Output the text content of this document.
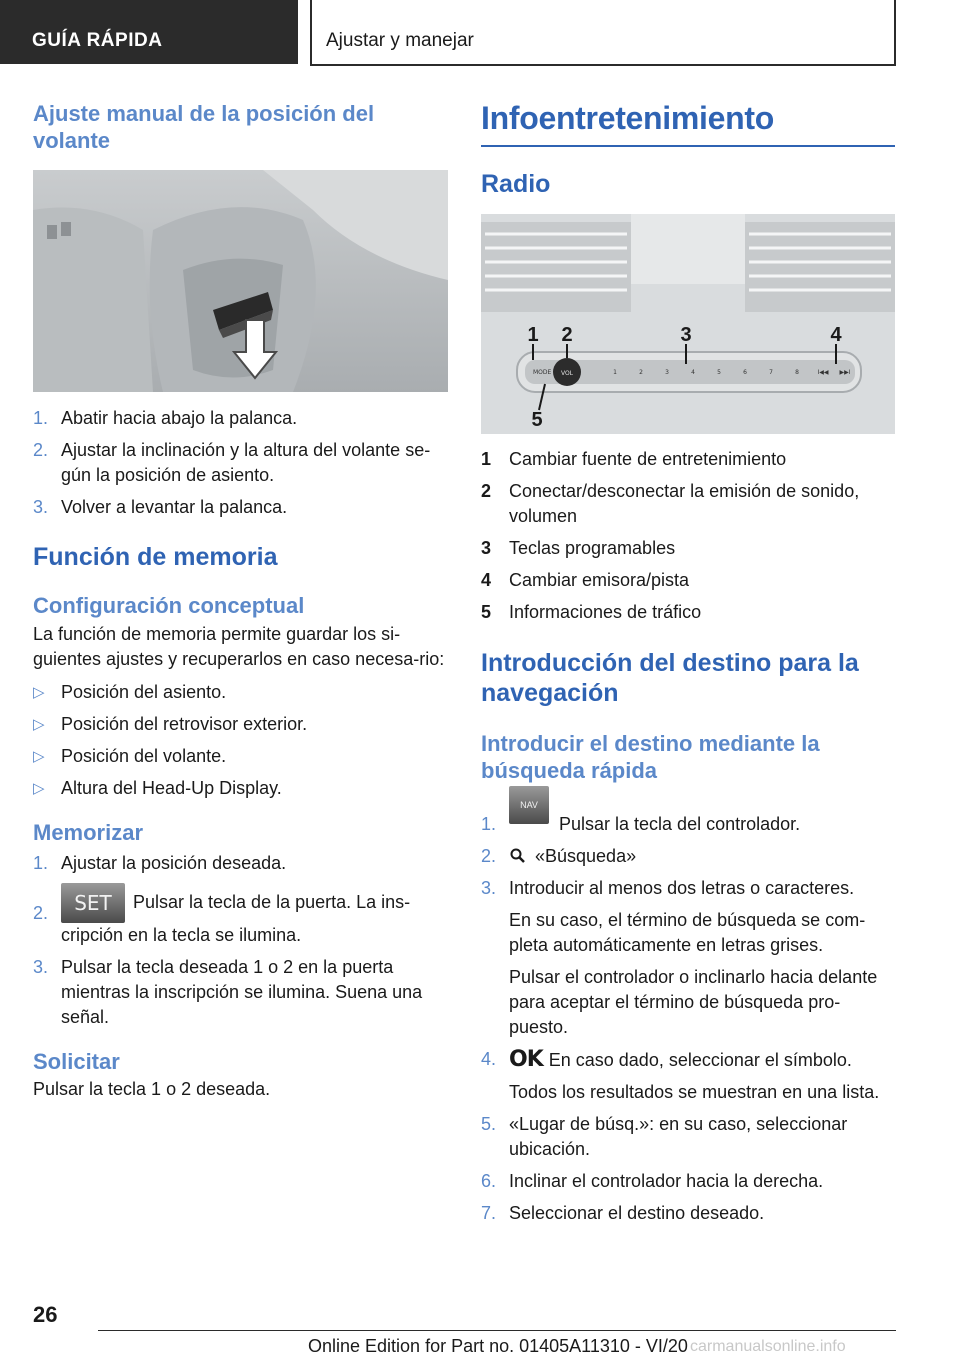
GUÍA RÁPIDA	Ajustar y manejar
Ajuste manual de la posición del volante
1. Abatir hacia abajo la palanca.
2. Ajustar la inclinación y la altura del volante se-gún la posición de asiento.
3. Volver a levantar la palanca.
Función de memoria
Configuración conceptual
La función de memoria permite guardar los si-guientes ajustes y recuperarlos en caso necesa-rio:
▷ Posición del asiento.
▷ Posición del retrovisor exterior.
▷ Posición del volante.
▷ Altura del Head-Up Display.
Memorizar
1. Ajustar la posición deseada.
2. SET Pulsar la tecla de la puerta. La ins-cripción en la tecla se ilumina.
3. Pulsar la tecla deseada 1 o 2 en la puerta mientras la inscripción se ilumina. Suena una señal.
Solicitar
Pulsar la tecla 1 o 2 deseada.
Infoentretenimiento
Radio
VOL
MODE	1	2	3	4	5	6	7	8	I◀◀ ▶▶I
1 2	3	4
5
1 Cambiar fuente de entretenimiento
2 Conectar/desconectar la emisión de sonido, volumen
3 Teclas programables
4 Cambiar emisora/pista
5 Informaciones de tráfico
Introducción del destino para la navegación
Introducir el destino mediante la búsqueda rápida
1.
NAV
Pulsar la tecla del controlador.
2. «Búsqueda»
3. Introducir al menos dos letras o caracteres.
En su caso, el término de búsqueda se com-pleta automáticamente en letras grises.
Pulsar el controlador o inclinarlo hacia delante para aceptar el término de búsqueda pro-puesto.
4. OK En caso dado, seleccionar el símbolo.
Todos los resultados se muestran en una lista.
5. «Lugar de búsq.»: en su caso, seleccionar ubicación.
6. Inclinar el controlador hacia la derecha.
7. Seleccionar el destino deseado.
26
Online Edition for Part no. 01405A11310 - VI/20 carmanualsonline.info
